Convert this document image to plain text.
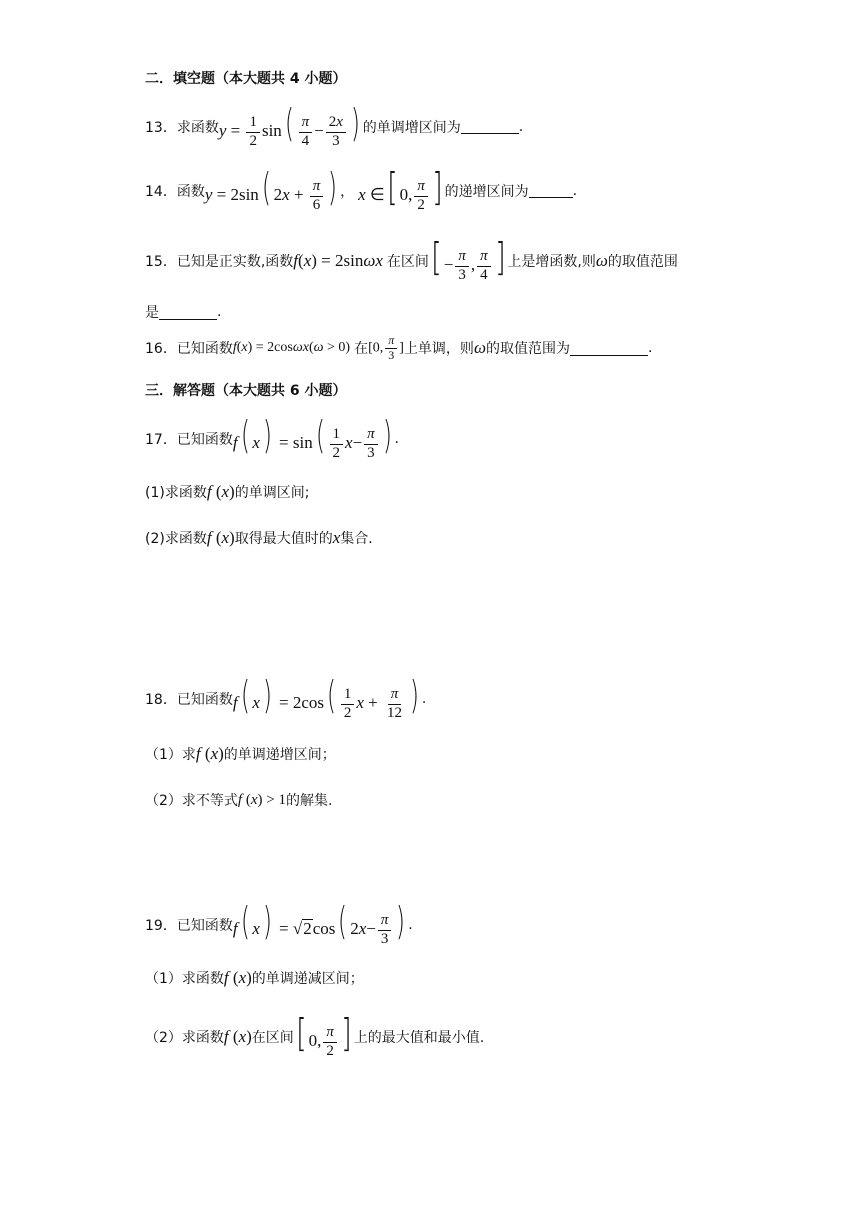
二．填空题（本大题共 4 小题）
13． 求函数 $y = \frac{1}{2} \sin( \frac{\pi}{4} - \frac{2x}{3}$ ) 的单调增区间为	.
14． 函数 y = 2sin( $2x + \frac{\pi}{6}$ ) ， x ∈[ 0, $\frac{\pi}{2}$ ] 的递增区间为	.
15． 已知是正实数,函数 f(x) = 2sinωx 在区间 [ − $\frac{\pi}{3}$ , $\frac{\pi}{4}$ ] 上是增函数,则 ω 的取值范围
是	.
16． 已知函数 f(x) = 2cosωx(ω > 0) 在 [0, $\frac{\pi}{3}$ ] 上单调，则 ω 的取值范围为	.
三．解答题（本大题共 6 小题）
17． 已知函数 f( $x) = \sin( \frac{1}{2} x- \frac{\pi}{3}$ ) .
(1)求函数 f (x) 的单调区间;
(2)求函数 f (x) 取得最大值时的 x 集合.
18． 已知函数 f( $x) = 2\cos( \frac{1}{2}$ $x + \frac{\pi}{12}$ ) .
（1）求 f (x) 的单调递增区间；
（2）求不等式 f (x) > 1 的解集.
19． 已知函数 f( x) = √ 2 cos( $2x- \frac{\pi}{3}$ ) .
（1）求函数 f (x) 的单调递减区间；
（2）求函数 f (x) 在区间 [ 0, $\frac{\pi}{2}$ ] 上的最大值和最小值.
